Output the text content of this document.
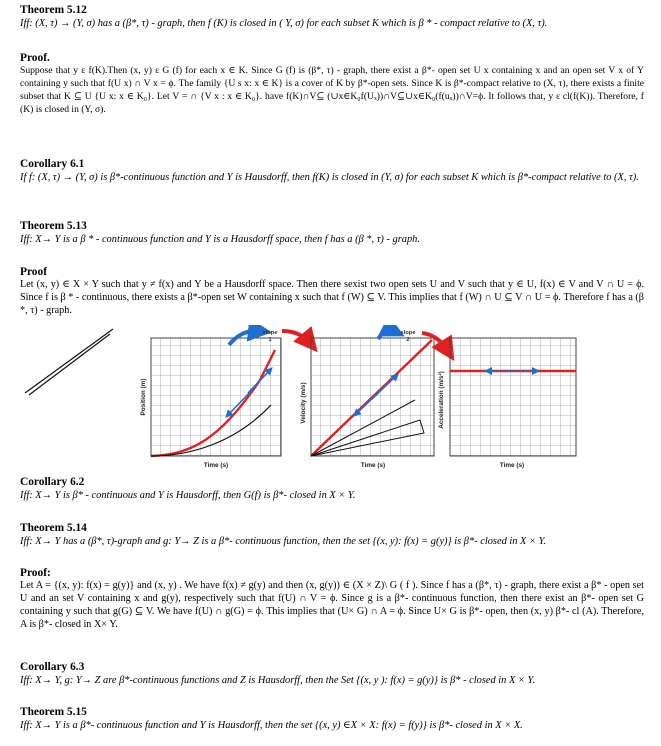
Theorem 5.12

Iff: (X, τ) → (Y, σ) has a (β*, τ) - graph, then f (K) is closed in ( Y, σ) for each subset K which is β * - compact relative to (X, τ).

Proof.

Suppose that y ε f(K).Then (x, y) ε G (f) for each x ∈ K. Since G (f) is (β*, τ) - graph, there exist a β*- open set U x containing x and an open set V x of Y containing y such that f(U x) ∩ V x = ϕ. The family {U s x: x ∈ K} is a cover of K by β*-open sets. Since K is β*-compact relative to (X, τ), there exists a finite subset that K ⊆ U {U x: x ∈ K₀}. Let V = ∩ {V x : x ∈ K₀}. have f(K)∩V⊆ (∪x∈K₀f(Uₓ))∩V⊆∪x∈K₀(f(uₓ))∩V=ϕ. It follows that, y ε cl(f(K)). Therefore, f (K) is closed in (Y, σ).

Corollary 6.1

If f: (X, τ) → (Y, σ) is β*-continuous function and Y is Hausdorff, then f(K) is closed in (Y, σ) for each subset K which is β*-compact relative to (X, τ).

Theorem 5.13

Iff: X→ Y is a β * - continuous function and Y is a Hausdorff space, then f has a (β *, τ) - graph.

Proof

Let (x, y) ∈ X × Y such that y ≠ f(x) and Y be a Hausdorff space. Then there sexist two open sets U and V such that y ∈ U, f(x) ∈ V and V ∩ U = ϕ. Since f is β * - continuous, there exists a β*-open set W containing x such that f (W) ⊆ V. This implies that f (W) ∩ U ⊆ V ∩ U = ϕ. Therefore f has a (β *, τ) - graph.

Position (m)
Time (s)
slope
Velocity (m/s)
Time (s)
slope
2
Acceleration (m/s²)
Time (s)
1

Corollary 6.2

Iff: X→ Y is β* - continuous and Y is Hausdorff, then G(f) is β*- closed in X × Y.

Theorem 5.14

Iff: X→ Y has a (β*, τ)-graph and g: Y→ Z is a β*- continuous function, then the set {(x, y): f(x) = g(y)} is β*- closed in X × Y.

Proof:

Let A = {(x, y): f(x) = g(y)} and (x, y) . We have f(x) ≠ g(y) and then (x, g(y)) ∈ (X × Z)\ G ( f ). Since f has a (β*, τ) - graph, there exist a β* - open set U and an set V containing x and g(y), respectively such that f(U) ∩ V = ϕ. Since g is a β*- continuous function, then there exist an β*- open set G containing y such that g(G) ⊆ V. We have f(U) ∩ g(G) = ϕ. This implies that (U× G) ∩ A = ϕ. Since U× G is β*- open, then (x, y) β*- cl (A). Therefore, A is β*- closed in X× Y.

Corollary 6.3

Iff: X→ Y, g: Y→ Z are β*-continuous functions and Z is Hausdorff, then the Set {(x, y ): f(x) = g(y)} is β* - closed in X × Y.

Theorem 5.15

Iff: X→ Y is a β*- continuous function and Y is Hausdorff, then the set {(x, y) ∈X × X: f(x) = f(y)} is β*- closed in X × X.
